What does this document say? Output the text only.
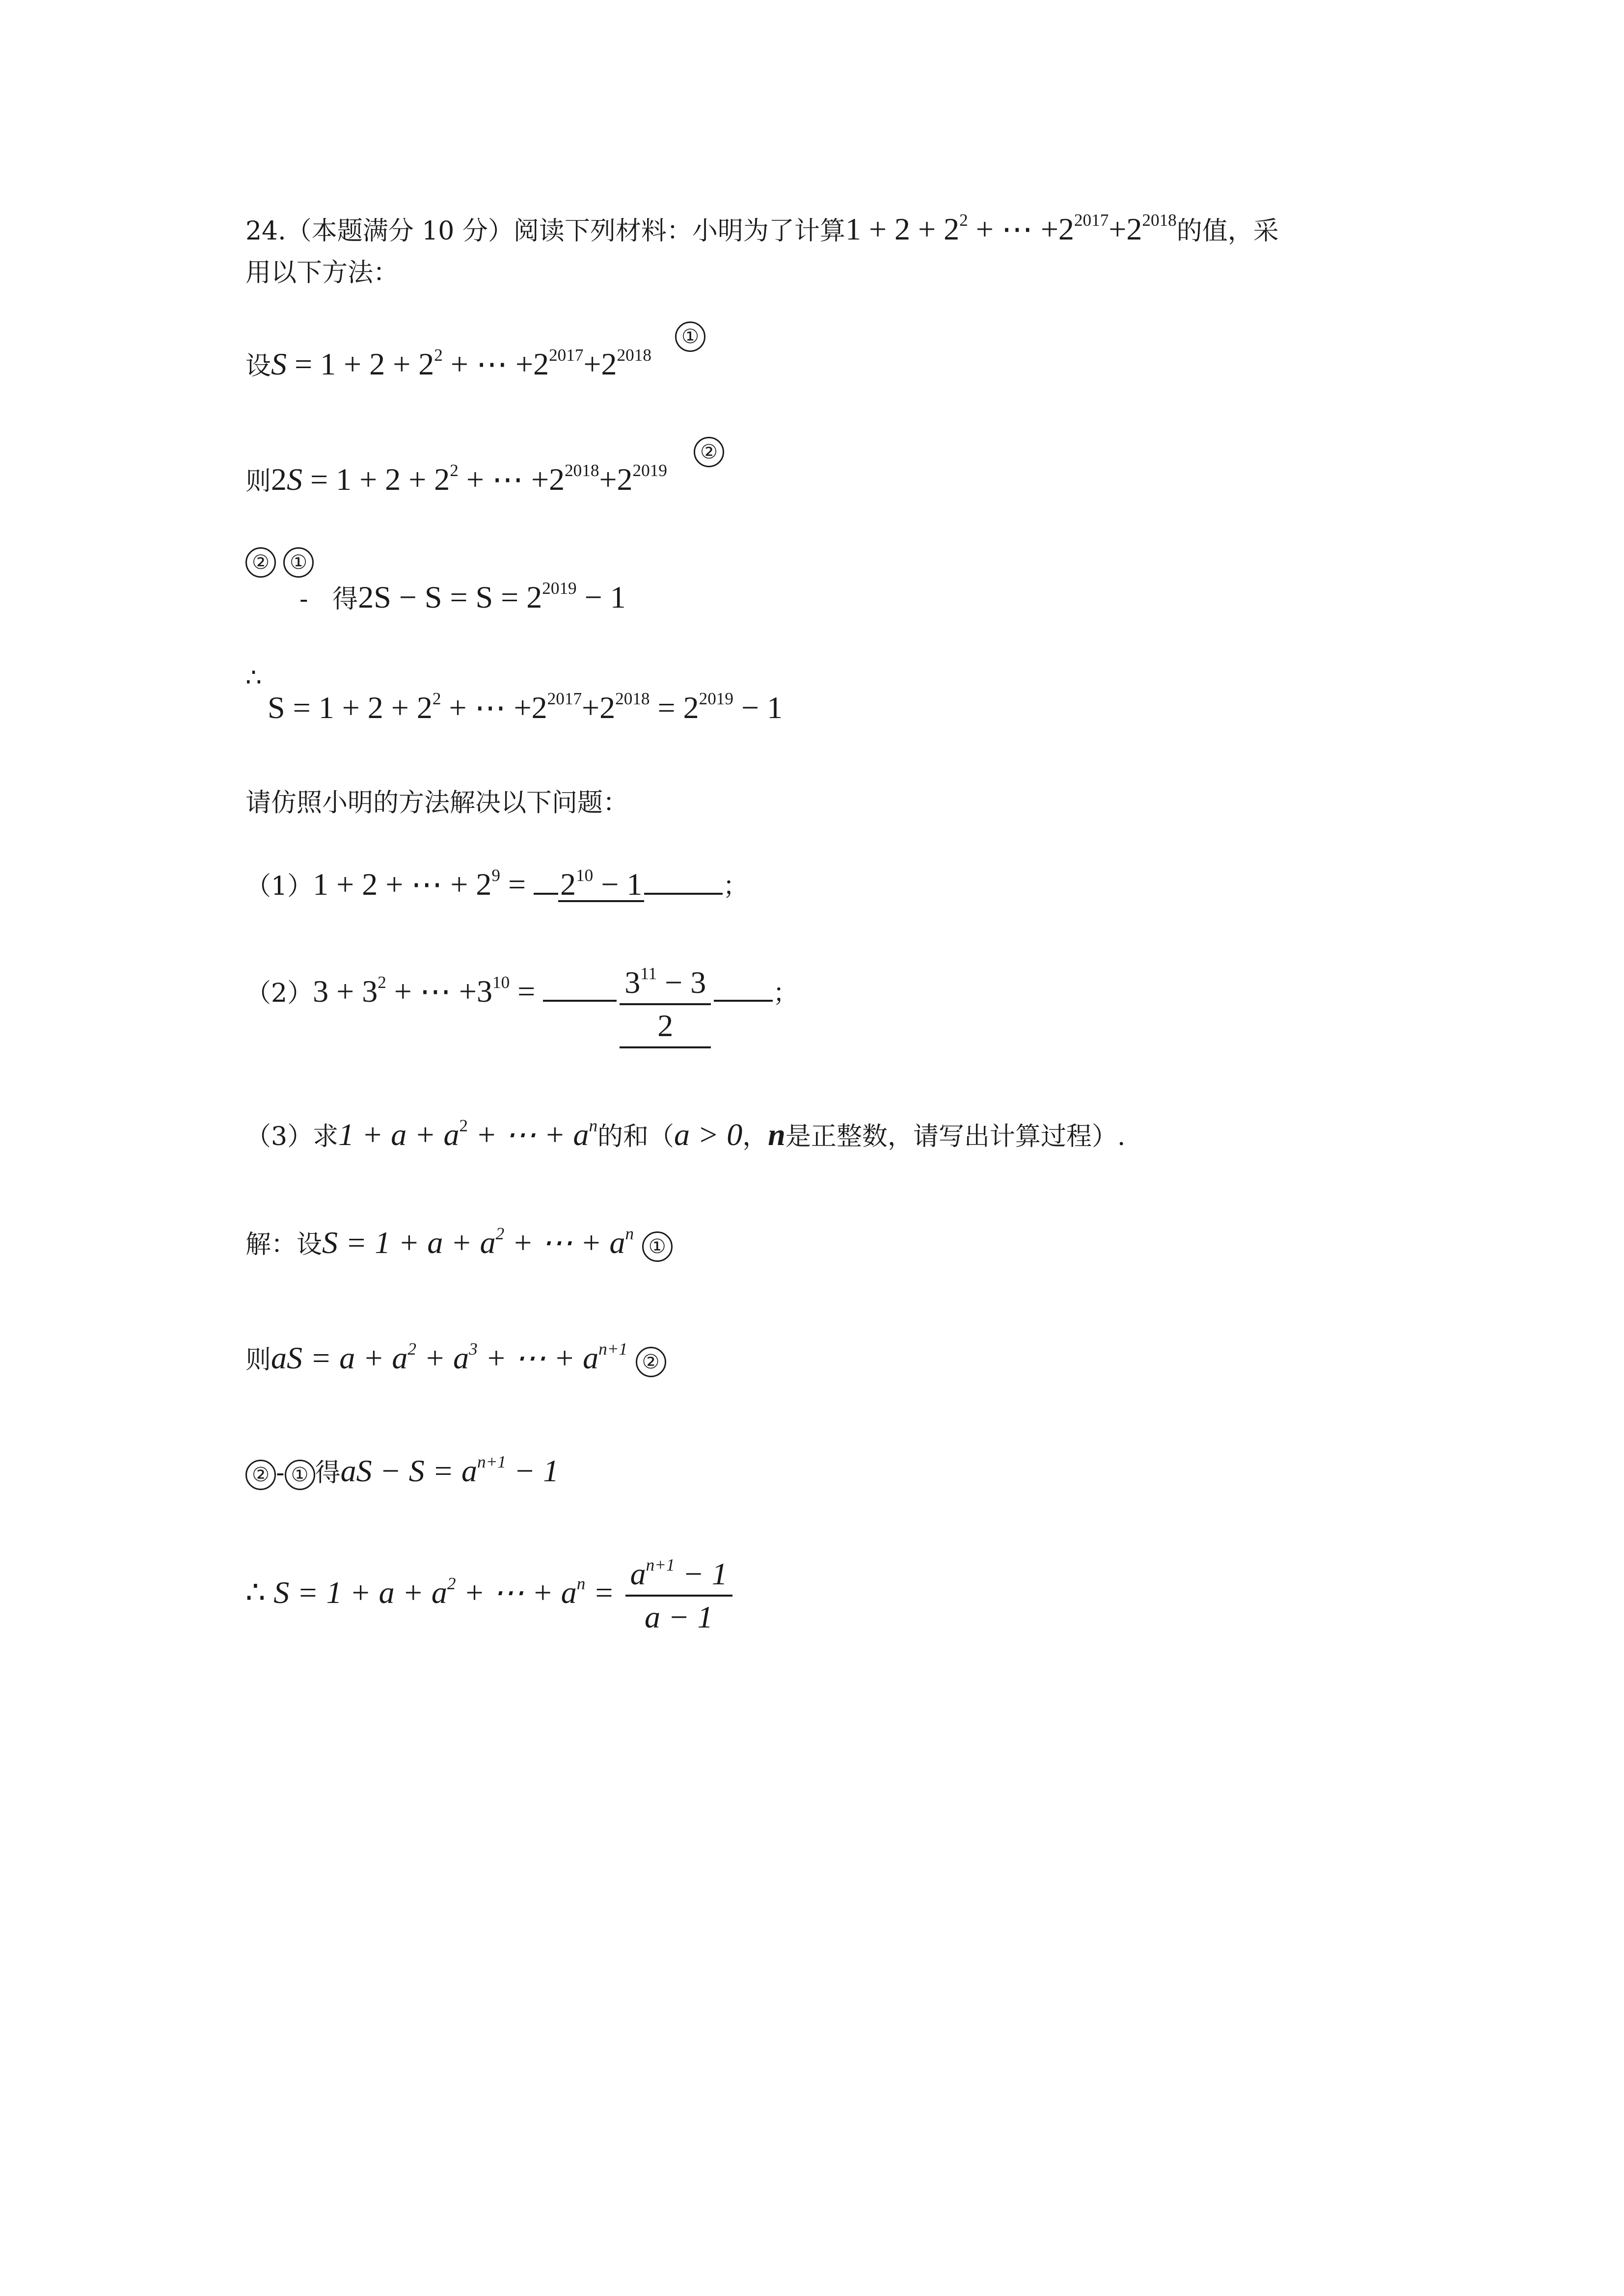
24.（本题满分 10 分）阅读下列材料：小明为了计算$1 + 2 + 2^2$ + ⋯ $+2^{2017}+2^{2018}$的值，采
用以下方法：
设$S = 1 + 2 + 2^2$ + ⋯ $+2^{2017}+2^{2018}$
①
则$2S = 1 + 2 + 2^2$ + ⋯ $+2^{2018}+2^{2019}$
②
② ①
- 得$2S - S = S = 2^{2019} - 1$
∴
$S = 1 + 2 + 2^2$ + ⋯ $+2^{2017}+2^{2018} = 2^{2019} - 1$
请仿照小明的方法解决以下问题：
（1）1 + 2 + ⋯ + $2^9 = 2^{10} - 1$	；
$(2)3 + 3^2$ + ⋯ $+3^{10} = \frac{3^{11} - 3}{2}$ ；
（3）求$1 + a + a^2$ + ⋯ + $a^n$的和（a > 0，n是正整数，请写出计算过程）.
解：设$S = 1 + a + a^2$ + ⋯ + $a^n$ ①
则aS = $a + a^2 + a^3$ + ⋯ + $a^{n+1}$ ②
② - ① 得aS − $S = a^{n+1} - 1$
∴ $S = 1 + a + a^2$ + ⋯ + $a^n = \frac{a^{n+1} - 1}{a - 1}$
